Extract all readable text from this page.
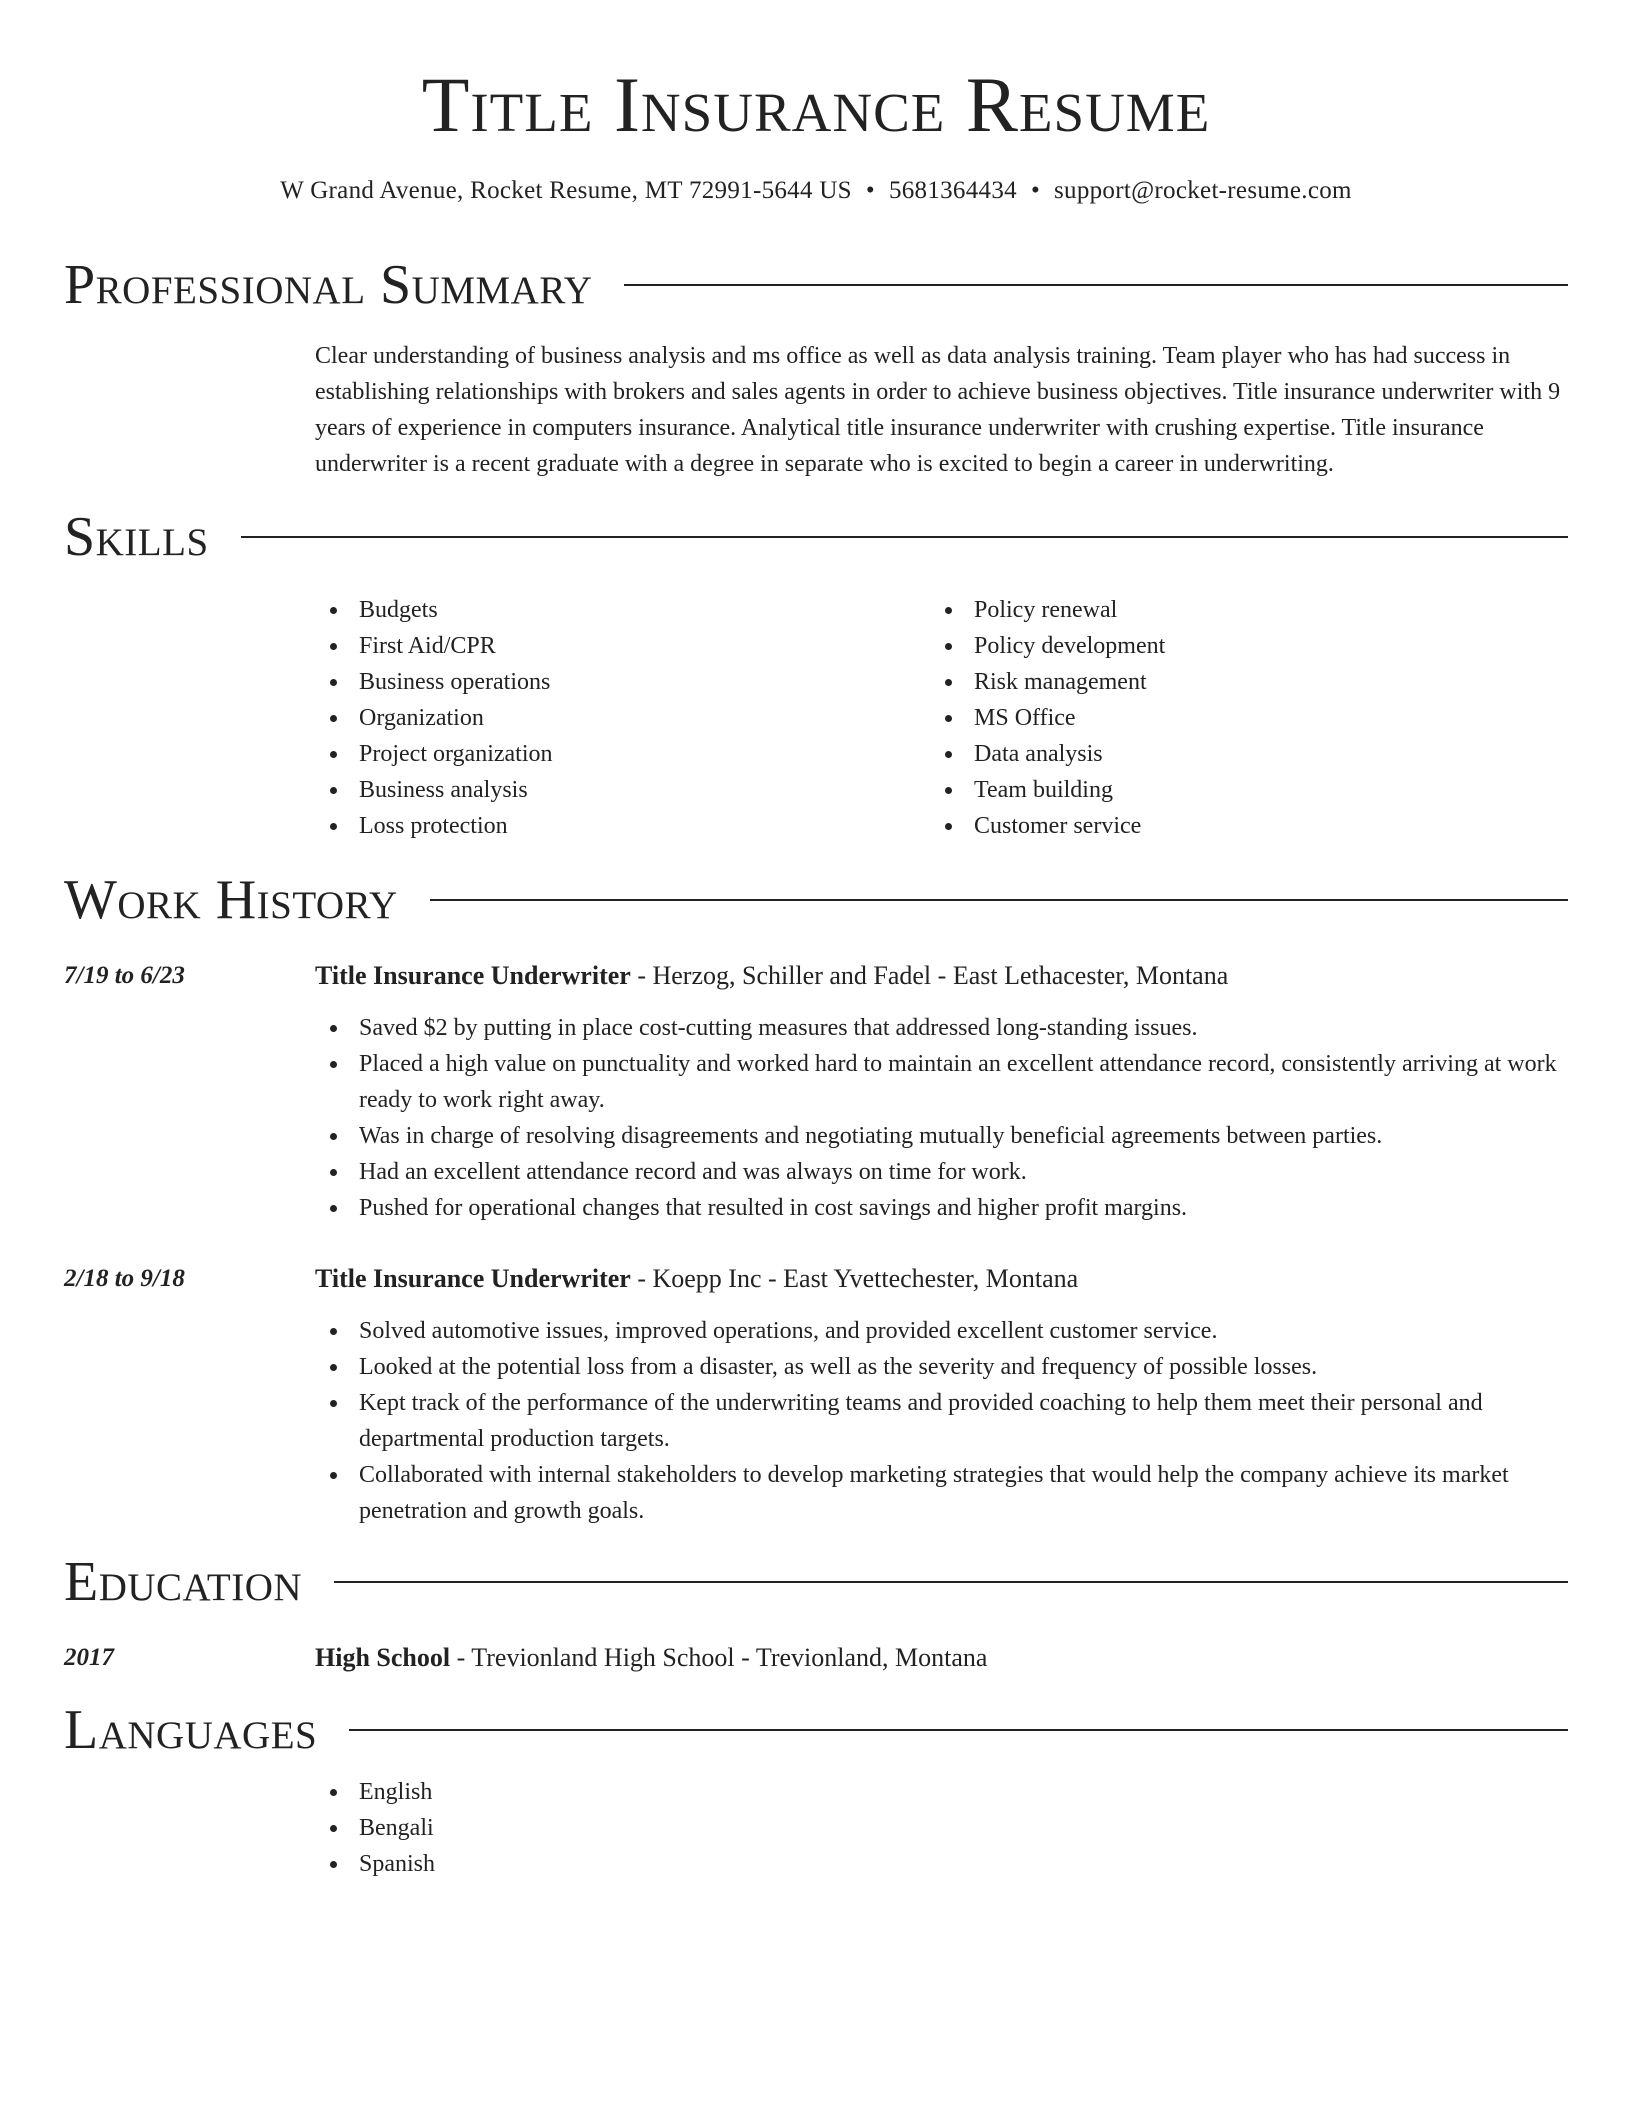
Title Insurance Resume
W Grand Avenue, Rocket Resume, MT 72991-5644 US • 5681364434 • support@rocket-resume.com
Professional Summary

Clear understanding of business analysis and ms office as well as data analysis training. Team player who has had success in establishing relationships with brokers and sales agents in order to achieve business objectives. Title insurance underwriter with 9 years of experience in computers insurance. Analytical title insurance underwriter with crushing expertise. Title insurance underwriter is a recent graduate with a degree in separate who is excited to begin a career in underwriting.

Skills
Budgets
First Aid/CPR
Business operations
Organization
Project organization
Business analysis
Loss protection
Policy renewal
Policy development
Risk management
MS Office
Data analysis
Team building
Customer service
Work History
7/19 to 6/23	Title Insurance Underwriter - Herzog, Schiller and Fadel - East Lethacester, Montana
Saved $2 by putting in place cost-cutting measures that addressed long-standing issues.
Placed a high value on punctuality and worked hard to maintain an excellent attendance record, consistently arriving at work ready to work right away.
Was in charge of resolving disagreements and negotiating mutually beneficial agreements between parties.
Had an excellent attendance record and was always on time for work.
Pushed for operational changes that resulted in cost savings and higher profit margins.
2/18 to 9/18	Title Insurance Underwriter - Koepp Inc - East Yvettechester, Montana
Solved automotive issues, improved operations, and provided excellent customer service.
Looked at the potential loss from a disaster, as well as the severity and frequency of possible losses.
Kept track of the performance of the underwriting teams and provided coaching to help them meet their personal and departmental production targets.
Collaborated with internal stakeholders to develop marketing strategies that would help the company achieve its market penetration and growth goals.
Education
2017	High School - Trevionland High School - Trevionland, Montana
Languages
English
Bengali
Spanish
